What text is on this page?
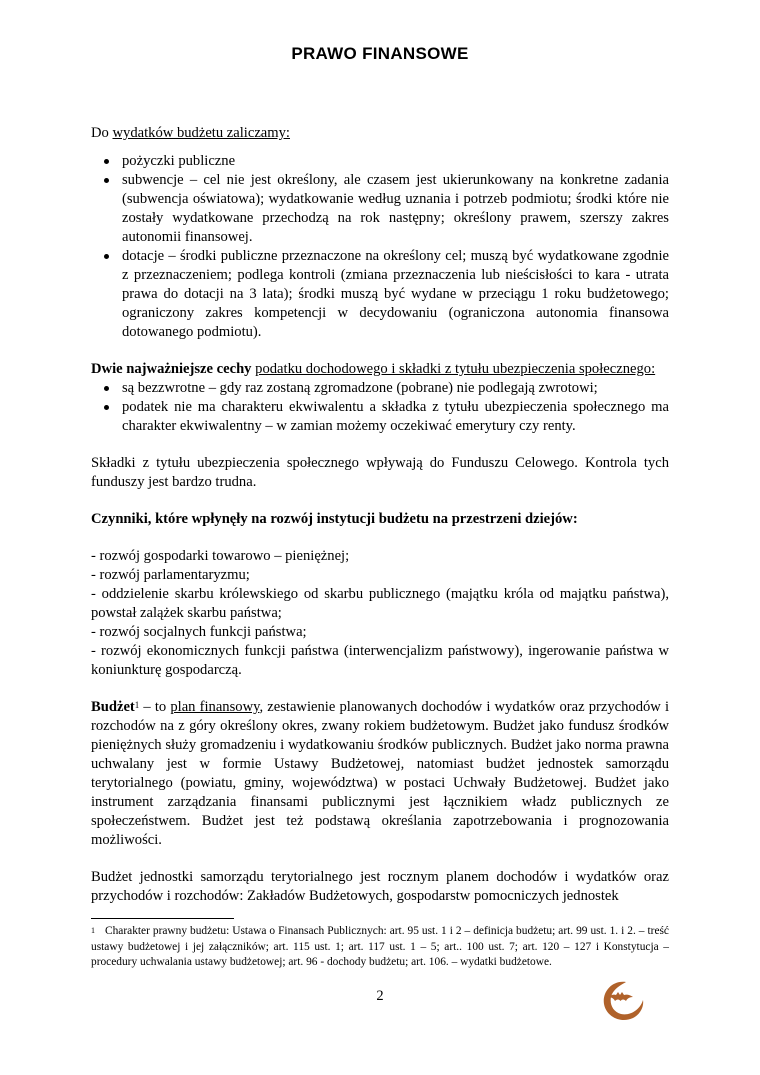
PRAWO FINANSOWE

Do wydatków budżetu zaliczamy:

pożyczki publiczne
subwencje – cel nie jest określony, ale czasem jest ukierunkowany na konkretne zadania (subwencja oświatowa); wydatkowanie według uznania i potrzeb podmiotu; środki które nie zostały wydatkowane przechodzą na rok następny; określony prawem, szerszy zakres autonomii finansowej.
dotacje – środki publiczne przeznaczone na określony cel; muszą być wydatkowane zgodnie z przeznaczeniem; podlega kontroli (zmiana przeznaczenia lub nieścisłości to kara - utrata prawa do dotacji na 3 lata); środki muszą być wydane w przeciągu 1 roku budżetowego; ograniczony zakres kompetencji w decydowaniu (ograniczona autonomia finansowa dotowanego podmiotu).

Dwie najważniejsze cechy podatku dochodowego i składki z tytułu ubezpieczenia społecznego:

są bezzwrotne – gdy raz zostaną zgromadzone (pobrane) nie podlegają zwrotowi;
podatek nie ma charakteru ekwiwalentu a składka z tytułu ubezpieczenia społecznego ma charakter ekwiwalentny – w zamian możemy oczekiwać emerytury czy renty.

Składki z tytułu ubezpieczenia społecznego wpływają do Funduszu Celowego. Kontrola tych funduszy jest bardzo trudna.

Czynniki, które wpłynęły na rozwój instytucji budżetu na przestrzeni dziejów:

- rozwój gospodarki towarowo – pieniężnej;

- rozwój parlamentaryzmu;

- oddzielenie skarbu królewskiego od skarbu publicznego (majątku króla od majątku państwa), powstał zalążek skarbu państwa;

- rozwój socjalnych funkcji państwa;

- rozwój ekonomicznych funkcji państwa (interwencjalizm państwowy), ingerowanie państwa w koniunkturę gospodarczą.

Budżet$^1$ – to plan finansowy, zestawienie planowanych dochodów i wydatków oraz przychodów i rozchodów na z góry określony okres, zwany rokiem budżetowym. Budżet jako fundusz środków pieniężnych służy gromadzeniu i wydatkowaniu środków publicznych. Budżet jako norma prawna uchwalany jest w formie Ustawy Budżetowej, natomiast budżet jednostek samorządu terytorialnego (powiatu, gminy, województwa) w postaci Uchwały Budżetowej. Budżet jako instrument zarządzania finansami publicznymi jest łącznikiem władz publicznych ze społeczeństwem. Budżet jest też podstawą określania zapotrzebowania i prognozowania możliwości.

Budżet jednostki samorządu terytorialnego jest rocznym planem dochodów i wydatków oraz przychodów i rozchodów: Zakładów Budżetowych, gospodarstw pomocniczych jednostek

$^1$ Charakter prawny budżetu: Ustawa o Finansach Publicznych: art. 95 ust. 1 i 2 – definicja budżetu; art. 99 ust. 1. i 2. – treść ustawy budżetowej i jej załączników; art. 115 ust. 1; art. 117 ust. 1 – 5; art.. 100 ust. 7; art. 120 – 127 i Konstytucja – procedury uchwalania ustawy budżetowej; art. 96 - dochody budżetu; art. 106. – wydatki budżetowe.
2
